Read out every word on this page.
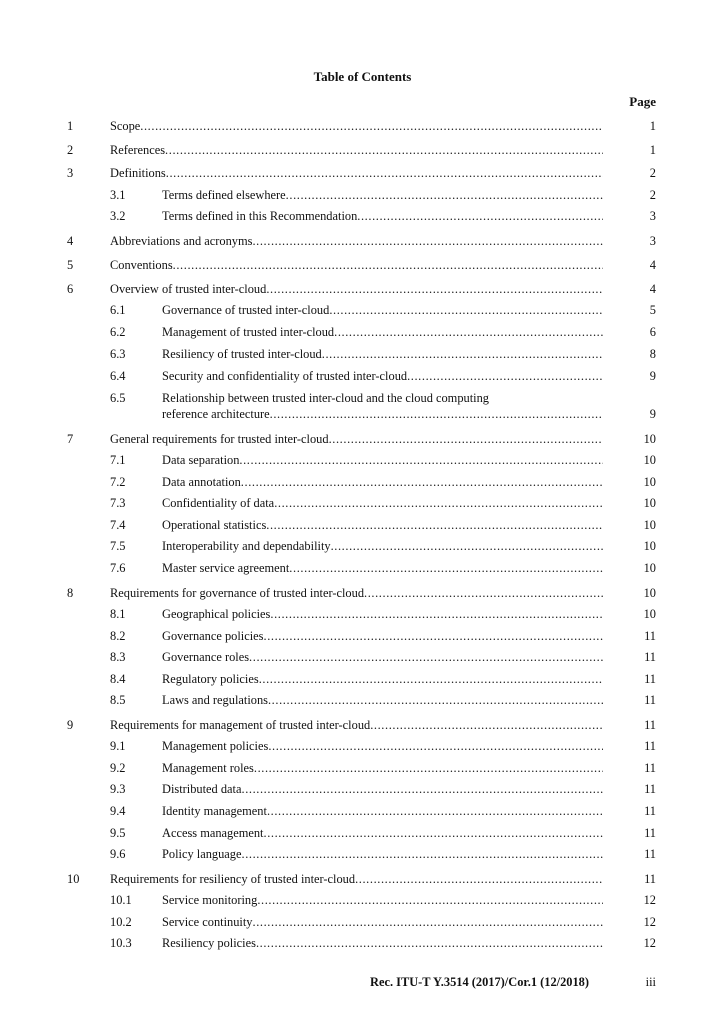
Table of Contents
Page
1	Scope .....	1
2	References .....	1
3	Definitions .....	2
3.1	Terms defined elsewhere .....	2
3.2	Terms defined in this Recommendation .....	3
4	Abbreviations and acronyms .....	3
5	Conventions .....	4
6	Overview of trusted inter-cloud .....	4
6.1	Governance of trusted inter-cloud .....	5
6.2	Management of trusted inter-cloud .....	6
6.3	Resiliency of trusted inter-cloud .....	8
6.4	Security and confidentiality of trusted inter-cloud .....	9
6.5	Relationship between trusted inter-cloud and the cloud computing
reference architecture .....	9
7	General requirements for trusted inter-cloud .....	10
7.1	Data separation .....	10
7.2	Data annotation .....	10
7.3	Confidentiality of data .....	10
7.4	Operational statistics .....	10
7.5	Interoperability and dependability .....	10
7.6	Master service agreement .....	10
8	Requirements for governance of trusted inter-cloud .....	10
8.1	Geographical policies .....	10
8.2	Governance policies .....	11
8.3	Governance roles .....	11
8.4	Regulatory policies .....	11
8.5	Laws and regulations .....	11
9	Requirements for management of trusted inter-cloud .....	11
9.1	Management policies .....	11
9.2	Management roles .....	11
9.3	Distributed data .....	11
9.4	Identity management .....	11
9.5	Access management .....	11
9.6	Policy language .....	11
10 Requirements for resiliency of trusted inter-cloud .....	11
10.1 Service monitoring .....	12
10.2 Service continuity .....	12
10.3 Resiliency policies .....	12
Rec. ITU-T Y.3514 (2017)/Cor.1 (12/2018)	iii
